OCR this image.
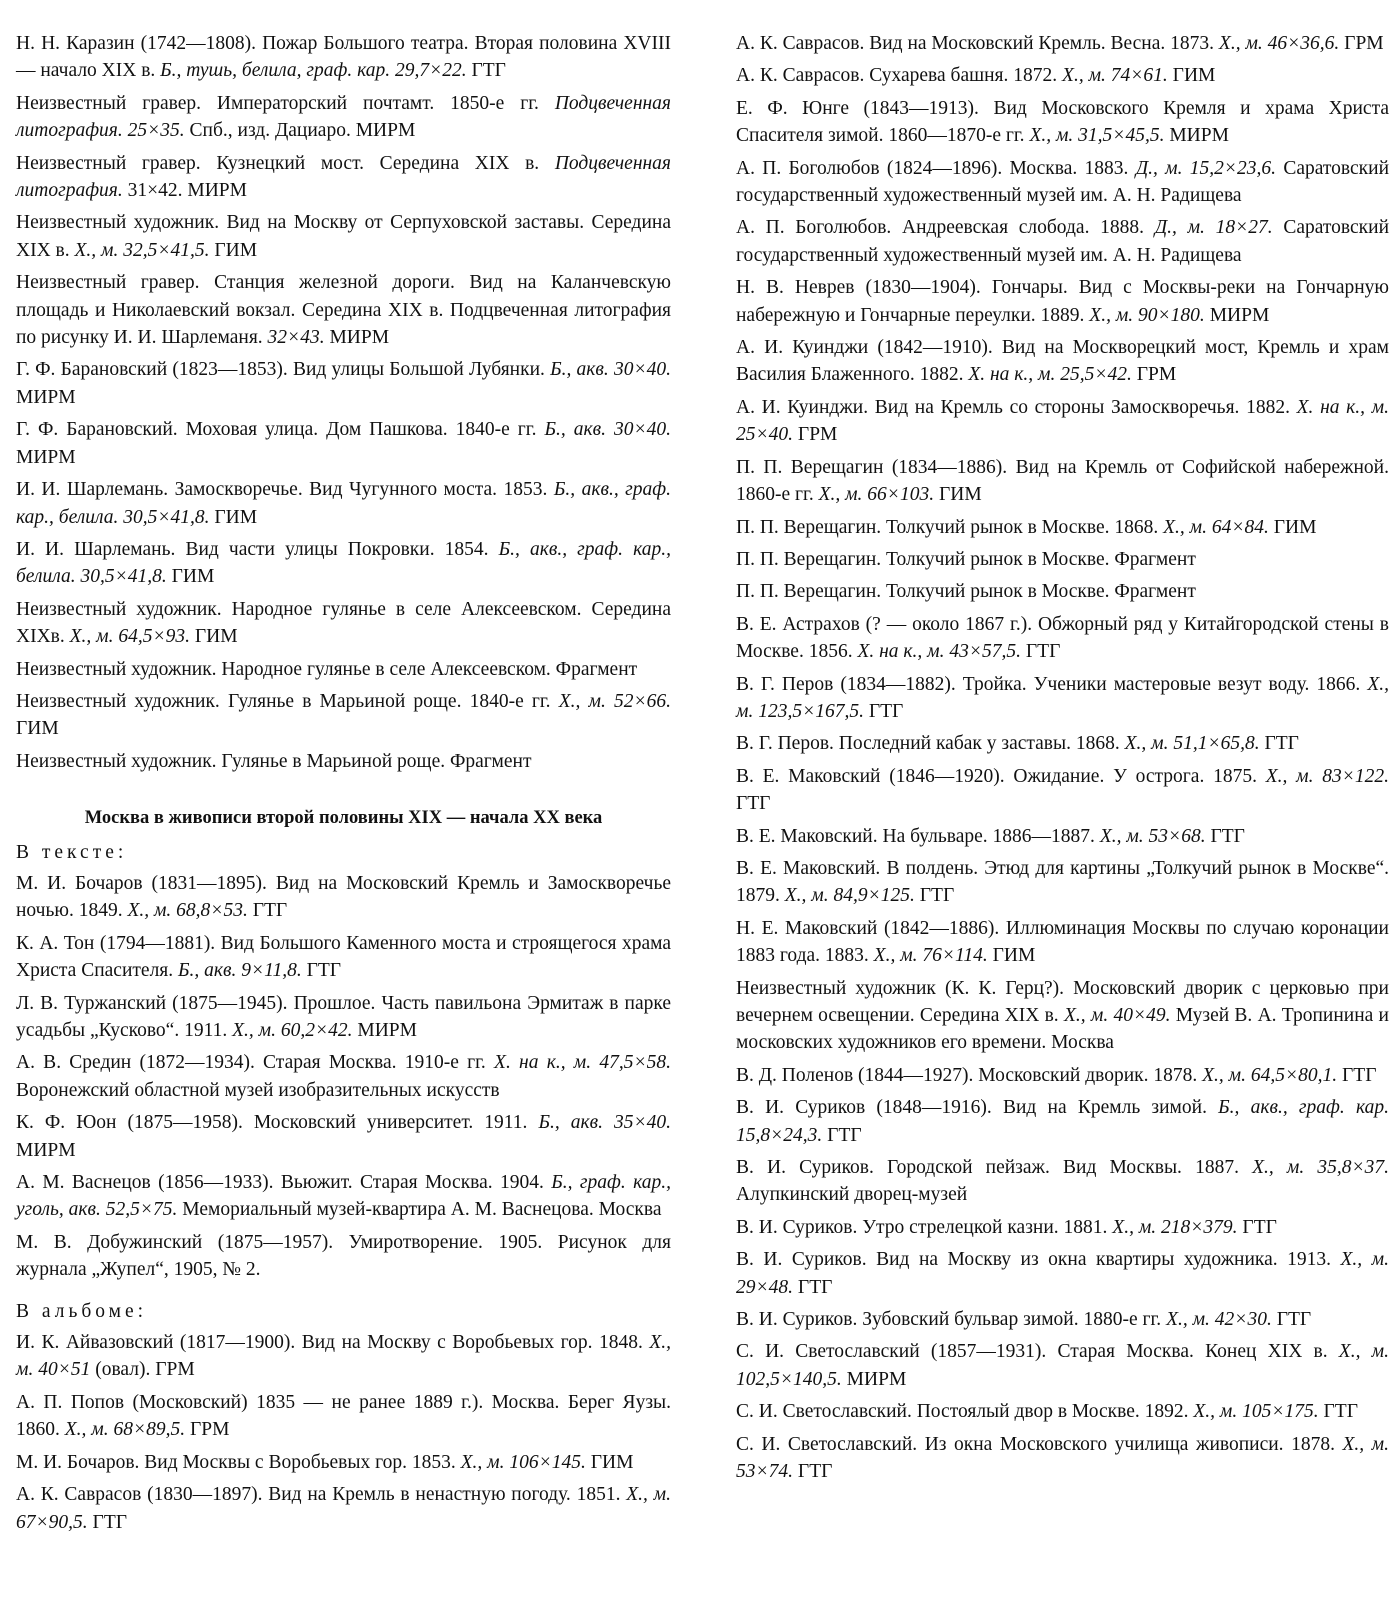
Н. Н. Каразин (1742—1808). Пожар Большого театра. Вторая половина XVIII — начало XIX в. Б., тушь, белила, граф. кар. 29,7×22. ГТГ

Неизвестный гравер. Императорский почтамт. 1850-е гг. Подцвеченная литография. 25×35. Спб., изд. Дациаро. МИРМ

Неизвестный гравер. Кузнецкий мост. Середина XIX в. Подцвеченная литография. 31×42. МИРМ

Неизвестный художник. Вид на Москву от Серпуховской заставы. Середина XIX в. Х., м. 32,5×41,5. ГИМ

Неизвестный гравер. Станция железной дороги. Вид на Каланчевскую площадь и Николаевский вокзал. Середина XIX в. Подцвеченная литография по рисунку И. И. Шарлеманя. 32×43. МИРМ

Г. Ф. Барановский (1823—1853). Вид улицы Большой Лубянки. Б., акв. 30×40. МИРМ

Г. Ф. Барановский. Моховая улица. Дом Пашкова. 1840-е гг. Б., акв. 30×40. МИРМ

И. И. Шарлемань. Замоскворечье. Вид Чугунного моста. 1853. Б., акв., граф. кар., белила. 30,5×41,8. ГИМ

И. И. Шарлемань. Вид части улицы Покровки. 1854. Б., акв., граф. кар., белила. 30,5×41,8. ГИМ

Неизвестный художник. Народное гулянье в селе Алексеевском. Середина XIXв. Х., м. 64,5×93. ГИМ

Неизвестный художник. Народное гулянье в селе Алексеевском. Фрагмент

Неизвестный художник. Гулянье в Марьиной роще. 1840-е гг. Х., м. 52×66. ГИМ

Неизвестный художник. Гулянье в Марьиной роще. Фрагмент

Москва в живописи второй половины XIX — начала XX века
В тексте:

М. И. Бочаров (1831—1895). Вид на Московский Кремль и Замоскворечье ночью. 1849. Х., м. 68,8×53. ГТГ

К. А. Тон (1794—1881). Вид Большого Каменного моста и строящегося храма Христа Спасителя. Б., акв. 9×11,8. ГТГ

Л. В. Туржанский (1875—1945). Прошлое. Часть павильона Эрмитаж в парке усадьбы „Кусково“. 1911. Х., м. 60,2×42. МИРМ

А. В. Средин (1872—1934). Старая Москва. 1910-е гг. Х. на к., м. 47,5×58. Воронежский областной музей изобразительных искусств

К. Ф. Юон (1875—1958). Московский университет. 1911. Б., акв. 35×40. МИРМ

А. М. Васнецов (1856—1933). Вьюжит. Старая Москва. 1904. Б., граф. кар., уголь, акв. 52,5×75. Мемориальный музей-квартира А. М. Васнецова. Москва

М. В. Добужинский (1875—1957). Умиротворение. 1905. Рисунок для журнала „Жупел“, 1905, № 2.

В альбоме:

И. К. Айвазовский (1817—1900). Вид на Москву с Воробьевых гор. 1848. Х., м. 40×51 (овал). ГРМ

А. П. Попов (Московский) 1835 — не ранее 1889 г.). Москва. Берег Яузы. 1860. Х., м. 68×89,5. ГРМ

М. И. Бочаров. Вид Москвы с Воробьевых гор. 1853. Х., м. 106×145. ГИМ

А. К. Саврасов (1830—1897). Вид на Кремль в ненастную погоду. 1851. Х., м. 67×90,5. ГТГ

А. К. Саврасов. Вид на Московский Кремль. Весна. 1873. Х., м. 46×36,6. ГРМ

А. К. Саврасов. Сухарева башня. 1872. Х., м. 74×61. ГИМ

Е. Ф. Юнге (1843—1913). Вид Московского Кремля и храма Христа Спасителя зимой. 1860—1870-е гг. Х., м. 31,5×45,5. МИРМ

А. П. Боголюбов (1824—1896). Москва. 1883. Д., м. 15,2×23,6. Саратовский государственный художественный музей им. А. Н. Радищева

А. П. Боголюбов. Андреевская слобода. 1888. Д., м. 18×27. Саратовский государственный художественный музей им. А. Н. Радищева

Н. В. Неврев (1830—1904). Гончары. Вид с Москвы-реки на Гончарную набережную и Гончарные переулки. 1889. Х., м. 90×180. МИРМ

А. И. Куинджи (1842—1910). Вид на Москворецкий мост, Кремль и храм Василия Блаженного. 1882. Х. на к., м. 25,5×42. ГРМ

А. И. Куинджи. Вид на Кремль со стороны Замоскворечья. 1882. Х. на к., м. 25×40. ГРМ

П. П. Верещагин (1834—1886). Вид на Кремль от Софийской набережной. 1860-е гг. Х., м. 66×103. ГИМ

П. П. Верещагин. Толкучий рынок в Москве. 1868. Х., м. 64×84. ГИМ

П. П. Верещагин. Толкучий рынок в Москве. Фрагмент

П. П. Верещагин. Толкучий рынок в Москве. Фрагмент

В. Е. Астрахов (? — около 1867 г.). Обжорный ряд у Китайгородской стены в Москве. 1856. Х. на к., м. 43×57,5. ГТГ

В. Г. Перов (1834—1882). Тройка. Ученики мастеровые везут воду. 1866. Х., м. 123,5×167,5. ГТГ

В. Г. Перов. Последний кабак у заставы. 1868. Х., м. 51,1×65,8. ГТГ

В. Е. Маковский (1846—1920). Ожидание. У острога. 1875. Х., м. 83×122. ГТГ

В. Е. Маковский. На бульваре. 1886—1887. Х., м. 53×68. ГТГ

В. Е. Маковский. В полдень. Этюд для картины „Толкучий рынок в Москве“. 1879. Х., м. 84,9×125. ГТГ

Н. Е. Маковский (1842—1886). Иллюминация Москвы по случаю коронации 1883 года. 1883. Х., м. 76×114. ГИМ

Неизвестный художник (К. К. Герц?). Московский дворик с церковью при вечернем освещении. Середина XIX в. Х., м. 40×49. Музей В. А. Тропинина и московских художников его времени. Москва

В. Д. Поленов (1844—1927). Московский дворик. 1878. Х., м. 64,5×80,1. ГТГ

В. И. Суриков (1848—1916). Вид на Кремль зимой. Б., акв., граф. кар. 15,8×24,3. ГТГ

В. И. Суриков. Городской пейзаж. Вид Москвы. 1887. Х., м. 35,8×37. Алупкинский дворец-музей

В. И. Суриков. Утро стрелецкой казни. 1881. Х., м. 218×379. ГТГ

В. И. Суриков. Вид на Москву из окна квартиры художника. 1913. Х., м. 29×48. ГТГ

В. И. Суриков. Зубовский бульвар зимой. 1880-е гг. Х., м. 42×30. ГТГ

С. И. Светославский (1857—1931). Старая Москва. Конец XIX в. Х., м. 102,5×140,5. МИРМ

С. И. Светославский. Постоялый двор в Москве. 1892. Х., м. 105×175. ГТГ

С. И. Светославский. Из окна Московского училища живописи. 1878. Х., м. 53×74. ГТГ
